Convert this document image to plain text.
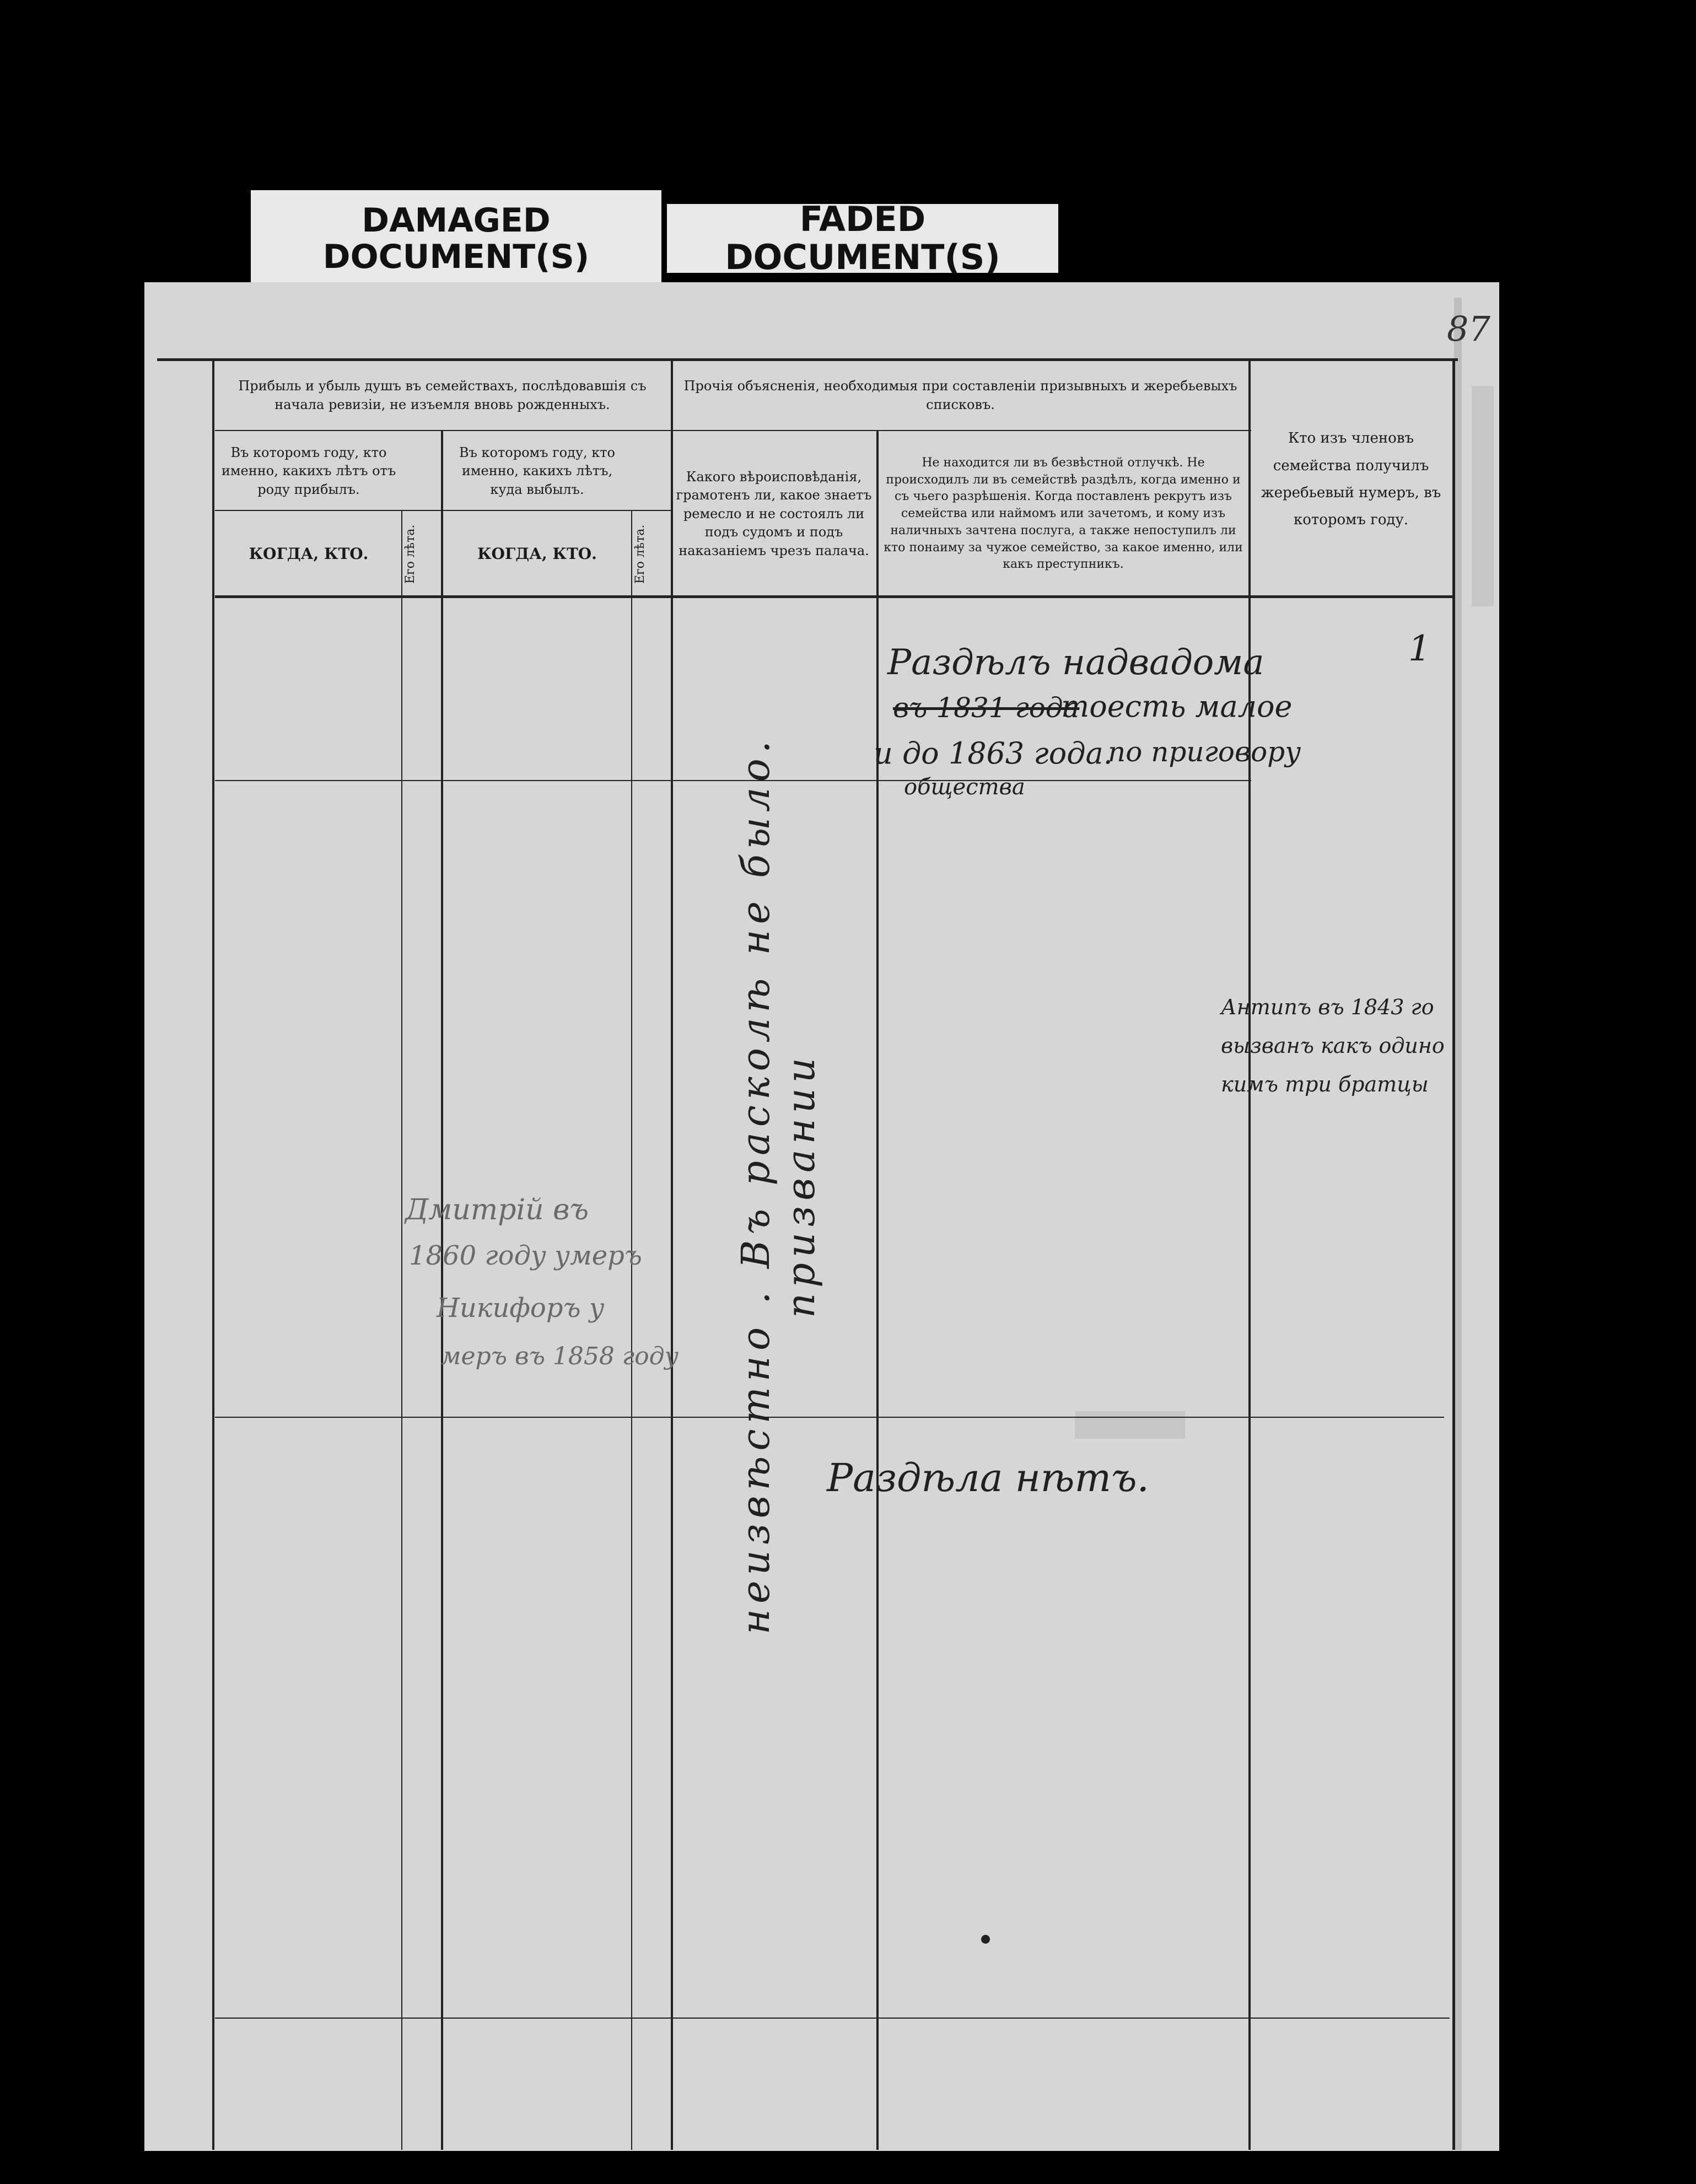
DAMAGED DOCUMENT(S)
FADED DOCUMENT(S)
87
Прибыль и убыль душъ въ семействахъ, послѣдовавшія съ начала ревизіи, не изъемля вновь рожденныхъ.
Въ которомъ году, кто именно, какихъ лѣтъ отъ роду прибылъ.
Въ которомъ году, кто именно, какихъ лѣтъ, куда выбылъ.
КОГДА, КТО.	Его лѣта.	КОГДА, КТО.	Его лѣта.
Прочія объясненія, необходимыя при составленіи призывныхъ и жеребьевыхъ списковъ.
Какого вѣроисповѣданія, грамотенъ ли, какое знаетъ ремесло и не состоялъ ли подъ судомъ и подъ наказаніемъ чрезъ палача.
Не находится ли въ безвѣстной отлучкѣ. Не происходилъ ли въ семействѣ раздѣлъ, когда именно и съ чьего разрѣшенія. Когда поставленъ рекрутъ изъ семейства или наймомъ или зачетомъ, и кому изъ наличныхъ зачтена послуга, а также непоступилъ ли кто понаиму за чужое семейство, за какое именно, или какъ преступникъ.
Кто изъ членовъ семейства получилъ жеребьевый нумеръ, въ которомъ году.
Раздѣлъ надвадома
въ 1831 года
тоесть малое
и до 1863 года.
по приговору
общества
1
неизвѣстно . Въ расколѣ не было. призвании
Антипъ въ 1843 го
вызванъ какъ одино
кимъ три братцы
Дмитрій въ
1860 году умеръ
Никифоръ у
меръ въ 1858 году
Раздѣла нѣтъ.
